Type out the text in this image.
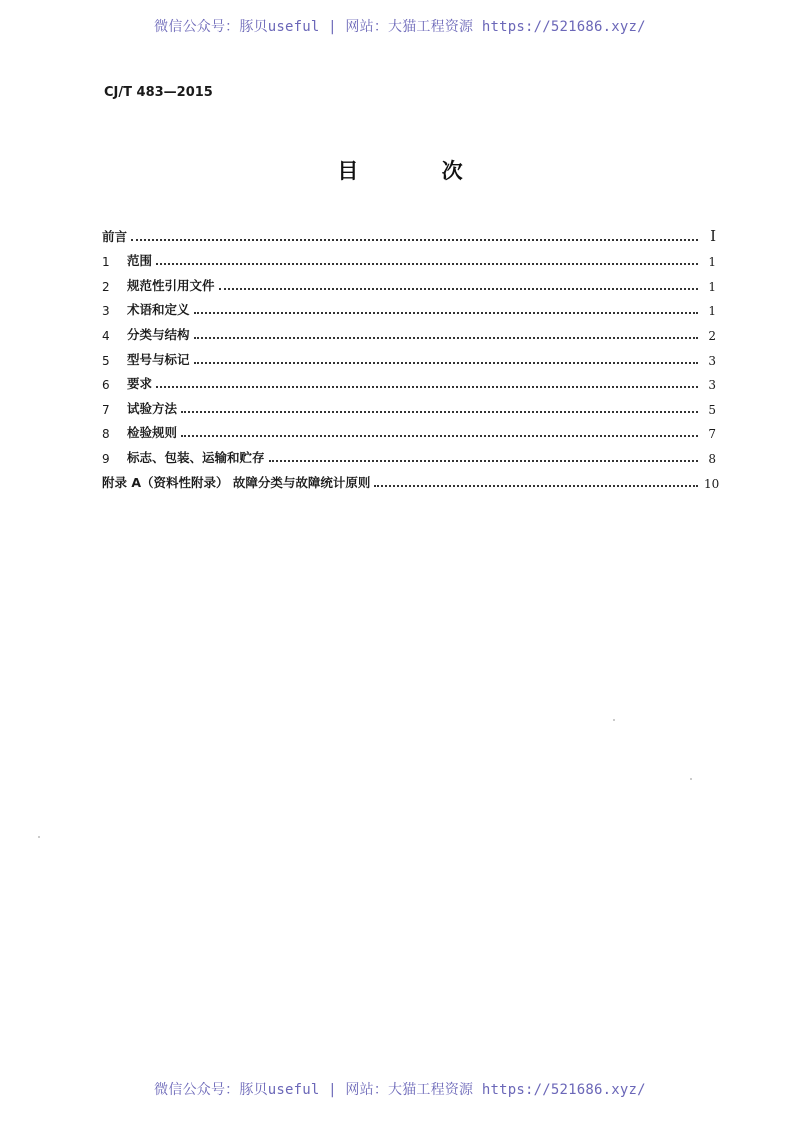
微信公众号：豚贝useful | 网站：大猫工程资源 https://521686.xyz/
CJ/T 483—2015
目 次
前言	Ⅰ
1	范围	1
2	规范性引用文件	1
3	术语和定义	1
4	分类与结构	2
5	型号与标记	3
6	要求	3
7	试验方法	5
8	检验规则	7
9	标志、包装、运输和贮存	8
附录 A（资料性附录） 故障分类与故障统计原则	10
微信公众号：豚贝useful | 网站：大猫工程资源 https://521686.xyz/
